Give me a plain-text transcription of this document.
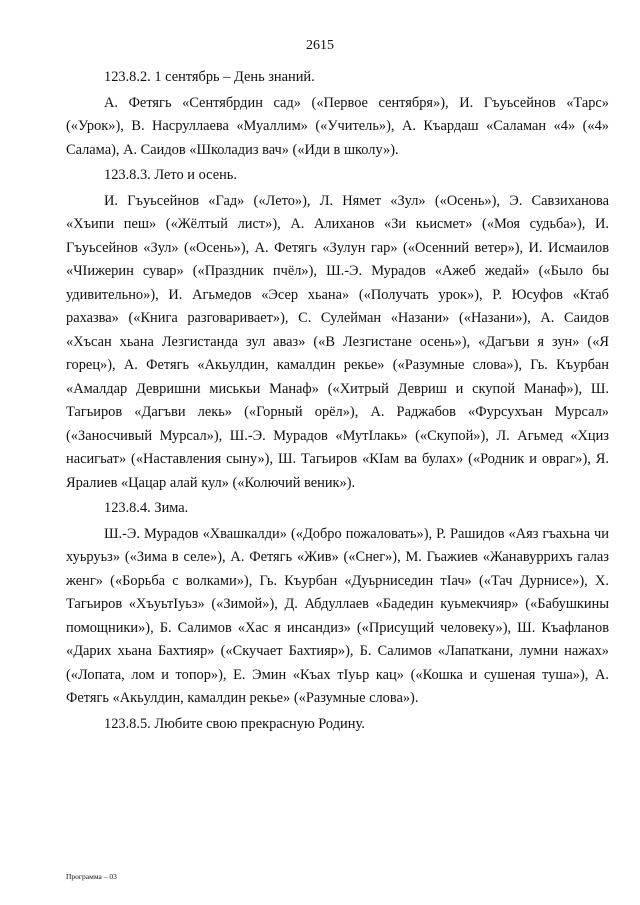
2615
123.8.2. 1 сентябрь – День знаний.
А. Фетягь «Сентябрдин сад» («Первое сентября»), И. Гъуьсейнов «Тарс» («Урок»), В. Насруллаева «Муаллим» («Учитель»), А. Къардаш «Саламан «4» («4» Салама), А. Саидов «Школадиз вач» («Иди в школу»).
123.8.3. Лето и осень.
И. Гъуьсейнов «Гад» («Лето»), Л. Нямет «Зул» («Осень»), Э. Савзиханова «Хъипи пеш» («Жёлтый лист»), А. Алиханов «Зи кьисмет» («Моя судьба»), И. Гъуьсейнов «Зул» («Осень»), А. Фетягь «Зулун гар» («Осенний ветер»), И. Исмаилов «ЧIижерин сувар» («Праздник пчёл»), Ш.-Э. Мурадов «Ажеб жедай» («Было бы удивительно»), И. Агьмедов «Эсер хьана» («Получать урок»), Р. Юсуфов «Ктаб рахазва» («Книга разговаривает»), С. Сулейман «Назани» («Назани»), А. Саидов «Хъсан хьана Лезгистанда зул аваз» («В Лезгистане осень»), «Дагъви я зун» («Я горец»), А. Фетягь «Акьулдин, камалдин рекье» («Разумные слова»), Гь. Къурбан «Амалдар Девришни миськьи Манаф» («Хитрый Девриш и скупой Манаф»), Ш. Тагьиров «Дагъви лекь» («Горный орёл»), А. Раджабов «Фурсухъан Мурсал» («Заносчивый Мурсал»), Ш.-Э. Мурадов «МутIлакь» («Скупой»), Л. Агьмед «Хциз насигьат» («Наставления сыну»), Ш. Тагьиров «КIам ва булах» («Родник и овраг»), Я. Яралиев «Цацар алай кул» («Колючий веник»).
123.8.4. Зима.
Ш.-Э. Мурадов «Хвашкалди» («Добро пожаловать»), Р. Рашидов «Аяз гъахьна чи хуьруьз» («Зима в селе»), А. Фетягь «Жив» («Снег»), М. Гьажиев «Жанавуррихъ галаз женг» («Борьба с волками»), Гь. Къурбан «Дуьрниседин тIач» («Тач Дурнисе»), Х. Тагьиров «ХъуьтIуьз» («Зимой»), Д. Абдуллаев «Бадедин куьмекчияр» («Бабушкины помощники»), Б. Салимов «Хас я инсандиз» («Присущий человеку»), Ш. Къафланов «Дарих хьана Бахтияр» («Скучает Бахтияр»), Б. Салимов «Лапаткани, лумни нажах» («Лопата, лом и топор»), Е. Эмин «Къах тIуьр кац» («Кошка и сушеная туша»), А. Фетягь «Акьулдин, камалдин рекье» («Разумные слова»).
123.8.5. Любите свою прекрасную Родину.
Программа – 03
